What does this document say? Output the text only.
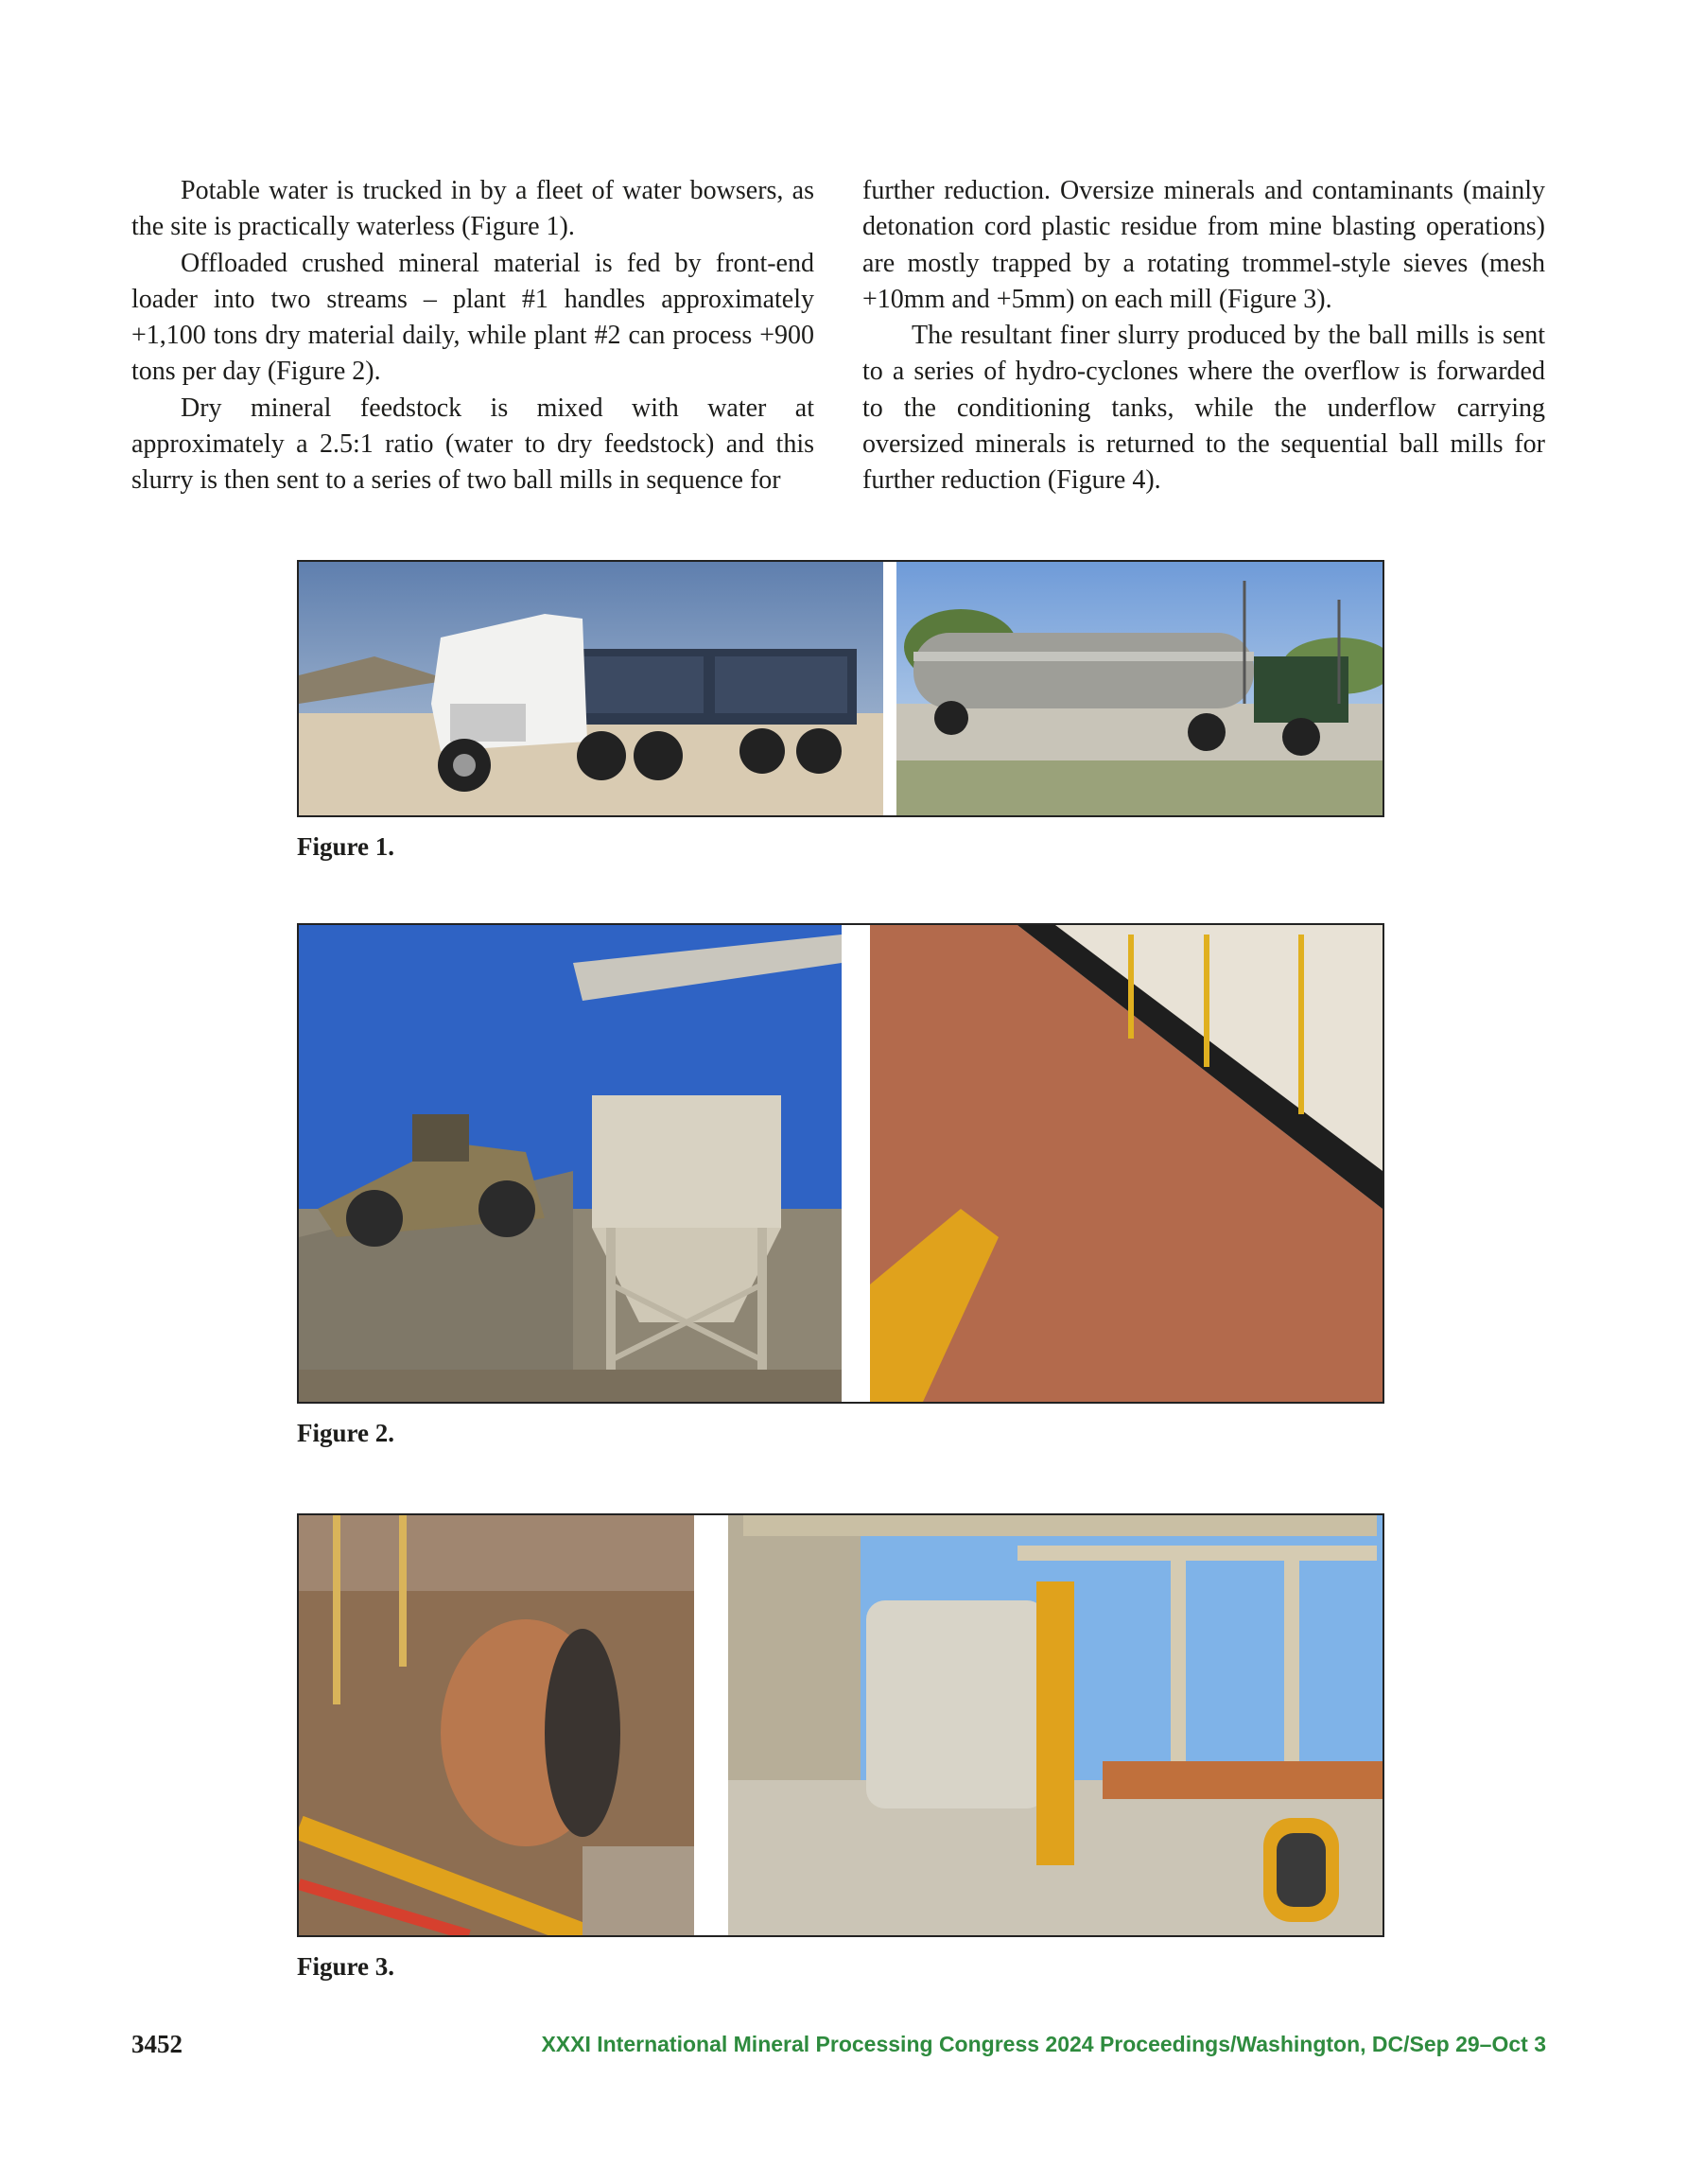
Potable water is trucked in by a fleet of water bowsers, as the site is practically waterless (Figure 1).

Offloaded crushed mineral material is fed by front-end loader into two streams – plant #1 handles approximately +1,100 tons dry material daily, while plant #2 can process +900 tons per day (Figure 2).

Dry mineral feedstock is mixed with water at approximately a 2.5:1 ratio (water to dry feedstock) and this slurry is then sent to a series of two ball mills in sequence for

further reduction. Oversize minerals and contaminants (mainly detonation cord plastic residue from mine blasting operations) are mostly trapped by a rotating trommel-style sieves (mesh +10mm and +5mm) on each mill (Figure 3).

The resultant finer slurry produced by the ball mills is sent to a series of hydro-cyclones where the overflow is forwarded to the conditioning tanks, while the underflow carrying oversized minerals is returned to the sequential ball mills for further reduction (Figure 4).

Figure 1.
Figure 2.
Figure 3.
3452	XXXI International Mineral Processing Congress 2024 Proceedings/Washington, DC/Sep 29–Oct 3
